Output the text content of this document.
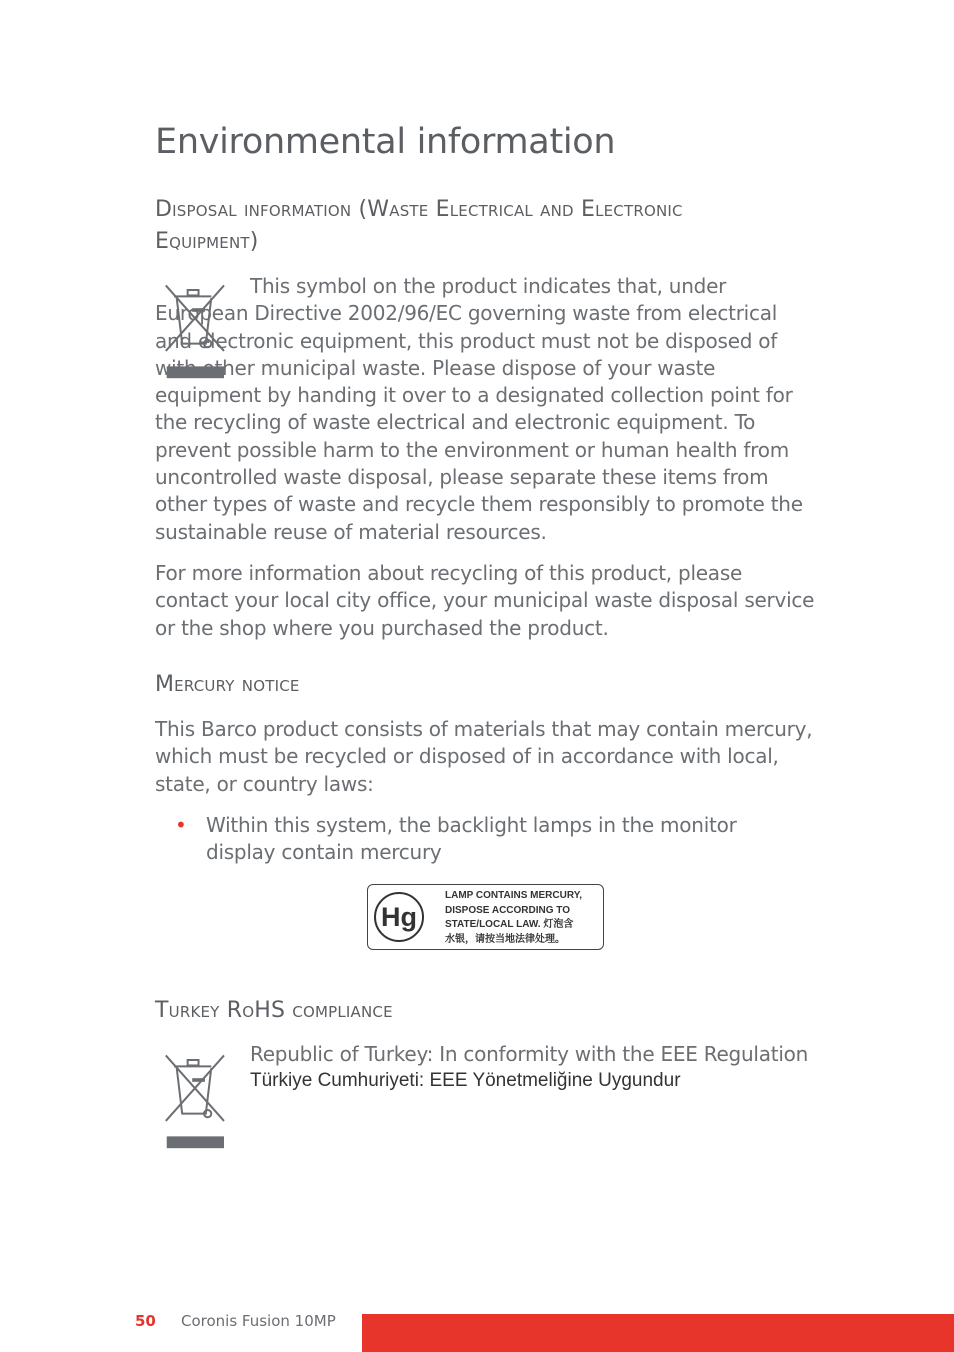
Environmental information
Disposal information (Waste Electrical and Electronic
Equipment)

This symbol on the product indicates that, under European Directive 2002/96/EC governing waste from electrical and electronic equipment, this product must not be disposed of with other municipal waste. Please dispose of your waste equipment by handing it over to a designated collection point for the recycling of waste electrical and electronic equipment. To prevent possible harm to the environment or human health from uncontrolled waste disposal, please separate these items from other types of waste and recycle them responsibly to promote the sustainable reuse of material resources.

For more information about recycling of this product, please contact your local city office, your municipal waste disposal service or the shop where you purchased the product.

Mercury notice

This Barco product consists of materials that may contain mercury, which must be recycled or disposed of in accordance with local, state, or country laws:

• Within this system, the backlight lamps in the monitor display contain mercury
Hg
LAMP CONTAINS MERCURY,
DISPOSE ACCORDING TO
STATE/LOCAL LAW. 灯泡含
水银，请按当地法律处理。
Turkey RoHS compliance
Republic of Turkey: In conformity with the EEE Regulation
Türkiye Cumhuriyeti: EEE Yönetmeliğine Uygundur
50 Coronis Fusion 10MP
